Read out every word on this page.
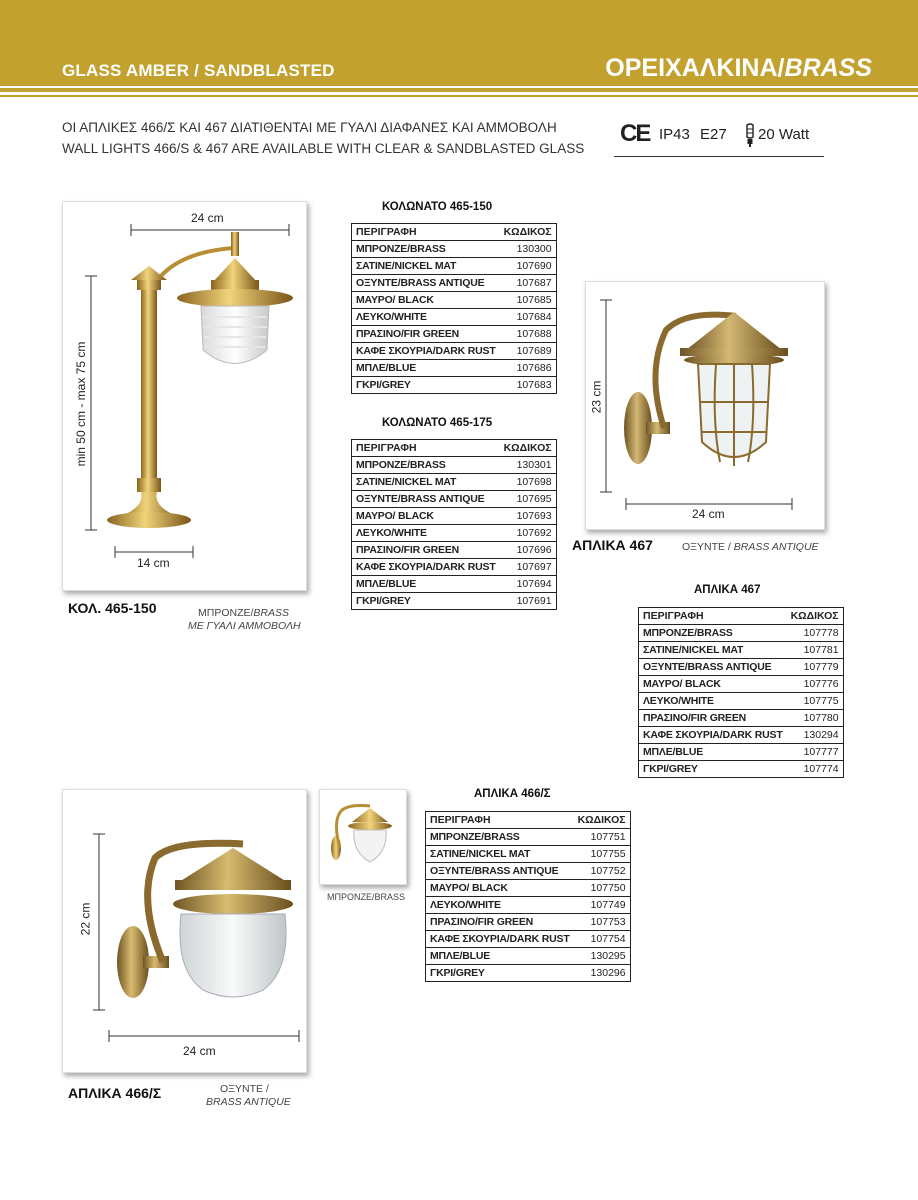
GLASS AMBER / SANDBLASTED	ΟΡΕΙΧΑΛΚΙΝΑ/BRASS
ΟΙ ΑΠΛΙΚΕΣ 466/Σ ΚΑΙ 467 ΔΙΑΤΙΘΕΝΤΑΙ ΜΕ ΓΥΑΛΙ ΔΙΑΦΑΝΕΣ ΚΑΙ ΑΜΜΟΒΟΛΗ
WALL LIGHTS 466/S & 467 ARE AVAILABLE WITH CLEAR & SANDBLASTED GLASS
CE IP43 E27 20 Watt
24 cm
min 50 cm - max 75 cm
14 cm
ΚΟΛ. 465-150	ΜΠΡΟΝΖΕ/BRASS
ΜΕ ΓΥΑΛΙ ΑΜΜΟΒΟΛΗ
ΚΟΛΩΝΑΤΟ 465-150
ΠΕΡΙΓΡΑΦΗ	ΚΩΔΙΚΟΣ
ΜΠΡΟΝΖΕ/BRASS	130300
ΣΑΤΙΝΕ/NICKEL MAT	107690
ΟΞΥΝΤΕ/BRASS ANTIQUE	107687
ΜΑΥΡΟ/ BLACK	107685
ΛΕΥΚΟ/WHITE	107684
ΠΡΑΣΙΝΟ/FIR GREEN	107688
ΚΑΦΕ ΣΚΟΥΡΙΑ/DARK RUST	107689
ΜΠΛΕ/BLUE	107686
ΓΚΡΙ/GREY	107683
ΚΟΛΩΝΑΤΟ 465-175
ΠΕΡΙΓΡΑΦΗ	ΚΩΔΙΚΟΣ
ΜΠΡΟΝΖΕ/BRASS	130301
ΣΑΤΙΝΕ/NICKEL MAT	107698
ΟΞΥΝΤΕ/BRASS ANTIQUE	107695
ΜΑΥΡΟ/ BLACK	107693
ΛΕΥΚΟ/WHITE	107692
ΠΡΑΣΙΝΟ/FIR GREEN	107696
ΚΑΦΕ ΣΚΟΥΡΙΑ/DARK RUST	107697
ΜΠΛΕ/BLUE	107694
ΓΚΡΙ/GREY	107691
23 cm
24 cm
ΑΠΛΙΚΑ 467	ΟΞΥΝΤΕ / BRASS ANTIQUE
ΑΠΛΙΚΑ 467
ΠΕΡΙΓΡΑΦΗ	ΚΩΔΙΚΟΣ
ΜΠΡΟΝΖΕ/BRASS	107778
ΣΑΤΙΝΕ/NICKEL MAT	107781
ΟΞΥΝΤΕ/BRASS ANTIQUE	107779
ΜΑΥΡΟ/ BLACK	107776
ΛΕΥΚΟ/WHITE	107775
ΠΡΑΣΙΝΟ/FIR GREEN	107780
ΚΑΦΕ ΣΚΟΥΡΙΑ/DARK RUST	130294
ΜΠΛΕ/BLUE	107777
ΓΚΡΙ/GREY	107774
22 cm
24 cm
ΑΠΛΙΚΑ 466/Σ	ΟΞΥΝΤΕ /
BRASS ANTIQUE
ΜΠΡΟΝΖΕ/BRASS
ΑΠΛΙΚΑ 466/Σ
ΠΕΡΙΓΡΑΦΗ	ΚΩΔΙΚΟΣ
ΜΠΡΟΝΖΕ/BRASS	107751
ΣΑΤΙΝΕ/NICKEL MAT	107755
ΟΞΥΝΤΕ/BRASS ANTIQUE	107752
ΜΑΥΡΟ/ BLACK	107750
ΛΕΥΚΟ/WHITE	107749
ΠΡΑΣΙΝΟ/FIR GREEN	107753
ΚΑΦΕ ΣΚΟΥΡΙΑ/DARK RUST	107754
ΜΠΛΕ/BLUE	130295
ΓΚΡΙ/GREY	130296
